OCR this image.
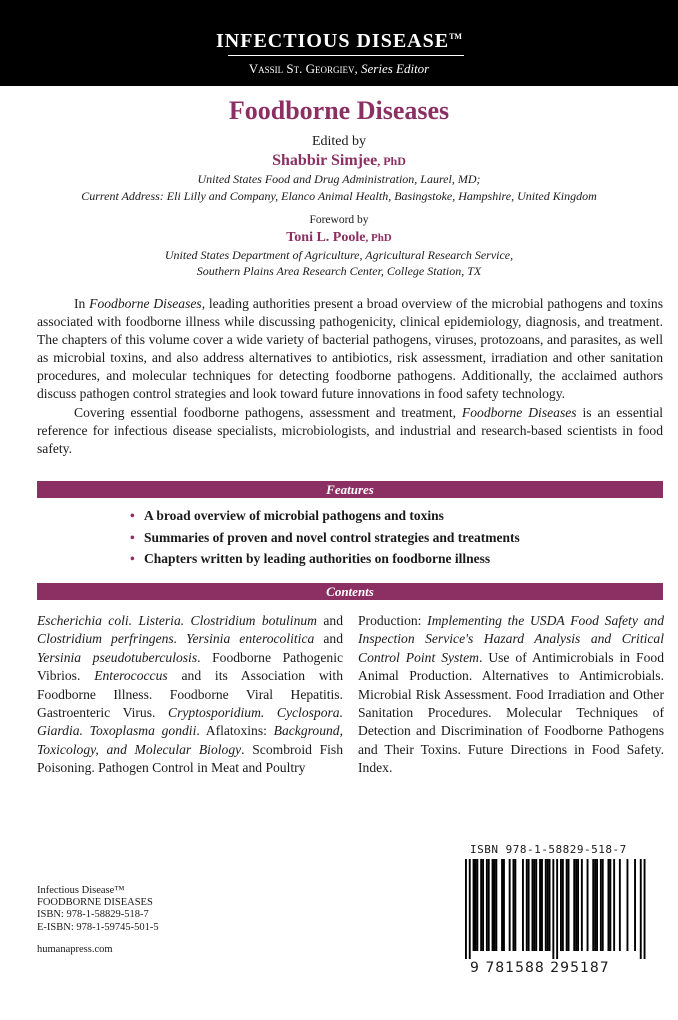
INFECTIOUS DISEASE™
Vassil St. Georgiev, Series Editor
Foodborne Diseases
Edited by
Shabbir Simjee, PhD
United States Food and Drug Administration, Laurel, MD;
Current Address: Eli Lilly and Company, Elanco Animal Health, Basingstoke, Hampshire, United Kingdom
Foreword by
Toni L. Poole, PhD
United States Department of Agriculture, Agricultural Research Service,
Southern Plains Area Research Center, College Station, TX

In Foodborne Diseases, leading authorities present a broad overview of the microbial pathogens and toxins associated with foodborne illness while discussing pathogenicity, clinical epidemiology, diagnosis, and treatment. The chapters of this volume cover a wide variety of bacterial pathogens, viruses, protozoans, and parasites, as well as microbial toxins, and also address alternatives to antibiotics, risk assessment, irradiation and other sanitation procedures, and molecular techniques for detecting foodborne pathogens. Additionally, the acclaimed authors discuss pathogen control strategies and look toward future innovations in food safety technology.

Covering essential foodborne pathogens, assessment and treatment, Foodborne Diseases is an essential reference for infectious disease specialists, microbiologists, and industrial and research-based scientists in food safety.

Features
• A broad overview of microbial pathogens and toxins
• Summaries of proven and novel control strategies and treatments
• Chapters written by leading authorities on foodborne illness
Contents
Escherichia coli. Listeria. Clostridium botulinum and Clostridium perfringens. Yersinia enterocolitica and Yersinia pseudotuberculosis. Foodborne Pathogenic Vibrios. Enterococcus and its Association with Foodborne Illness. Foodborne Viral Hepatitis. Gastroenteric Virus. Cryptosporidium. Cyclospora. Giardia. Toxoplasma gondii. Aflatoxins: Background, Toxicology, and Molecular Biology. Scombroid Fish Poisoning. Pathogen Control in Meat and Poultry
Production: Implementing the USDA Food Safety and Inspection Service's Hazard Analysis and Critical Control Point System. Use of Antimicrobials in Food Animal Production. Alternatives to Antimicrobials. Microbial Risk Assessment. Food Irradiation and Other Sanitation Procedures. Molecular Techniques of Detection and Discrimination of Foodborne Pathogens and Their Toxins. Future Directions in Food Safety. Index.
Infectious Disease™
FOODBORNE DISEASES
ISBN: 978-1-58829-518-7
E-ISBN: 978-1-59745-501-5
humanapress.com
ISBN 978-1-58829-518-7
9 781588 295187
